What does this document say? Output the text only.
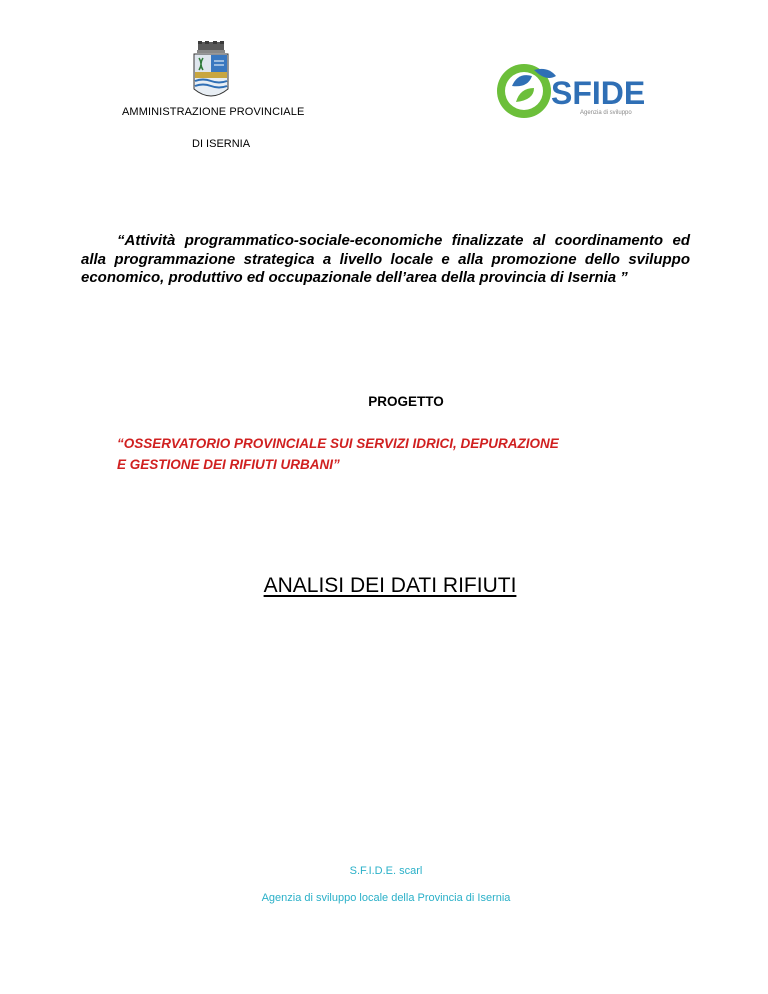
AMMINISTRAZIONE PROVINCIALE
DI ISERNIA
SFIDE
Agenzia di sviluppo
“Attività programmatico-sociale-economiche finalizzate al coordinamento ed alla programmazione strategica a livello locale e alla promozione dello sviluppo economico, produttivo ed occupazionale dell’area della provincia di Isernia ”
PROGETTO
“OSSERVATORIO PROVINCIALE SUI SERVIZI IDRICI, DEPURAZIONE
E GESTIONE DEI RIFIUTI URBANI”
ANALISI DEI DATI RIFIUTI
S.F.I.D.E. scarl
Agenzia di sviluppo locale della Provincia di Isernia
